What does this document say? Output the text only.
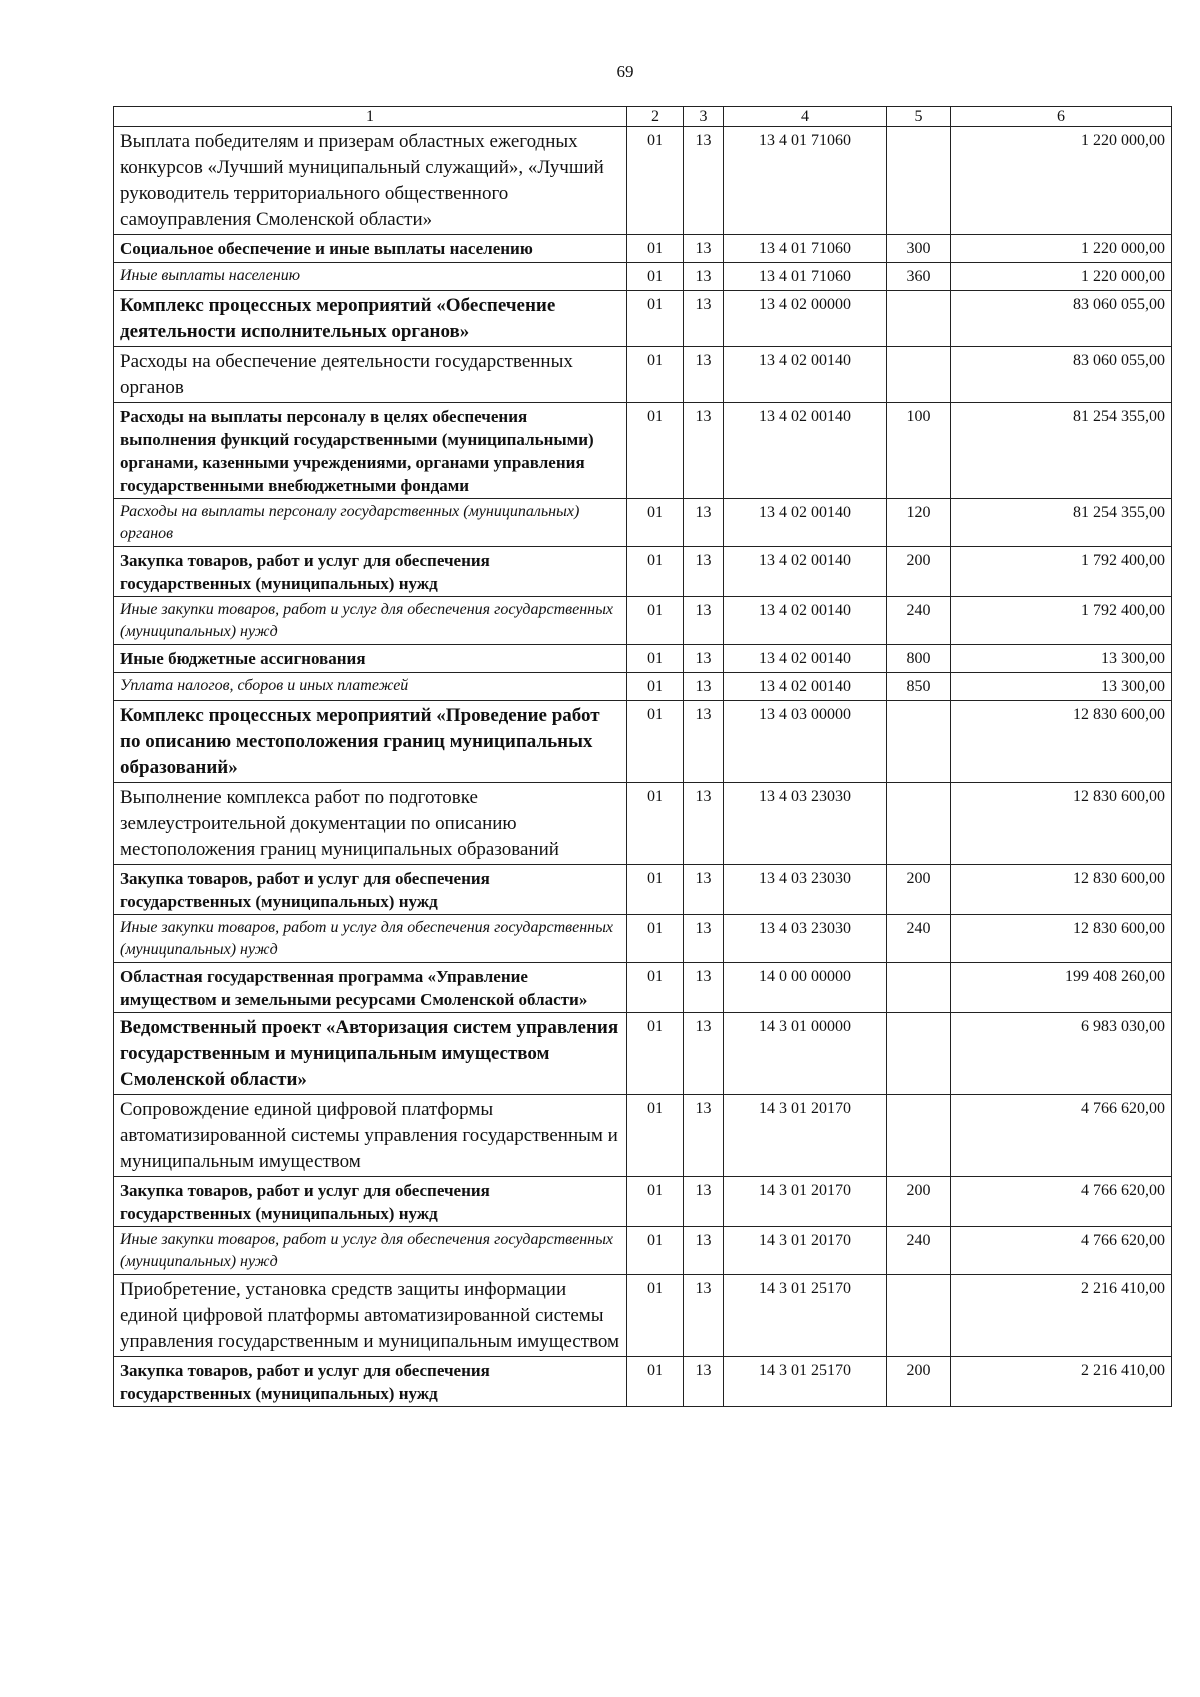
69
1	2	3	4	5	6
Выплата победителям и призерам областных ежегодных конкурсов «Лучший муниципальный служащий», «Лучший руководитель территориального общественного самоуправления Смоленской области»	01	13	13 4 01 71060		1 220 000,00
Социальное обеспечение и иные выплаты населению	01	13	13 4 01 71060	300	1 220 000,00
Иные выплаты населению	01	13	13 4 01 71060	360	1 220 000,00
Комплекс процессных мероприятий «Обеспечение деятельности исполнительных органов»	01	13	13 4 02 00000		83 060 055,00
Расходы на обеспечение деятельности государственных органов	01	13	13 4 02 00140		83 060 055,00
Расходы на выплаты персоналу в целях обеспечения выполнения функций государственными (муниципальными) органами, казенными учреждениями, органами управления государственными внебюджетными фондами	01	13	13 4 02 00140	100	81 254 355,00
Расходы на выплаты персоналу государственных (муниципальных) органов	01	13	13 4 02 00140	120	81 254 355,00
Закупка товаров, работ и услуг для обеспечения государственных (муниципальных) нужд	01	13	13 4 02 00140	200	1 792 400,00
Иные закупки товаров, работ и услуг для обеспечения государственных (муниципальных) нужд	01	13	13 4 02 00140	240	1 792 400,00
Иные бюджетные ассигнования	01	13	13 4 02 00140	800	13 300,00
Уплата налогов, сборов и иных платежей	01	13	13 4 02 00140	850	13 300,00
Комплекс процессных мероприятий «Проведение работ по описанию местоположения границ муниципальных образований»	01	13	13 4 03 00000		12 830 600,00
Выполнение комплекса работ по подготовке землеустроительной документации по описанию местоположения границ муниципальных образований	01	13	13 4 03 23030		12 830 600,00
Закупка товаров, работ и услуг для обеспечения государственных (муниципальных) нужд	01	13	13 4 03 23030	200	12 830 600,00
Иные закупки товаров, работ и услуг для обеспечения государственных (муниципальных) нужд	01	13	13 4 03 23030	240	12 830 600,00
Областная государственная программа «Управление имуществом и земельными ресурсами Смоленской области»	01	13	14 0 00 00000		199 408 260,00
Ведомственный проект «Авторизация систем управления государственным и муниципальным имуществом Смоленской области»	01	13	14 3 01 00000		6 983 030,00
Сопровождение единой цифровой платформы автоматизированной системы управления государственным и муниципальным имуществом	01	13	14 3 01 20170		4 766 620,00
Закупка товаров, работ и услуг для обеспечения государственных (муниципальных) нужд	01	13	14 3 01 20170	200	4 766 620,00
Иные закупки товаров, работ и услуг для обеспечения государственных (муниципальных) нужд	01	13	14 3 01 20170	240	4 766 620,00
Приобретение, установка средств защиты информации единой цифровой платформы автоматизированной системы управления государственным и муниципальным имуществом	01	13	14 3 01 25170		2 216 410,00
Закупка товаров, работ и услуг для обеспечения государственных (муниципальных) нужд	01	13	14 3 01 25170	200	2 216 410,00
